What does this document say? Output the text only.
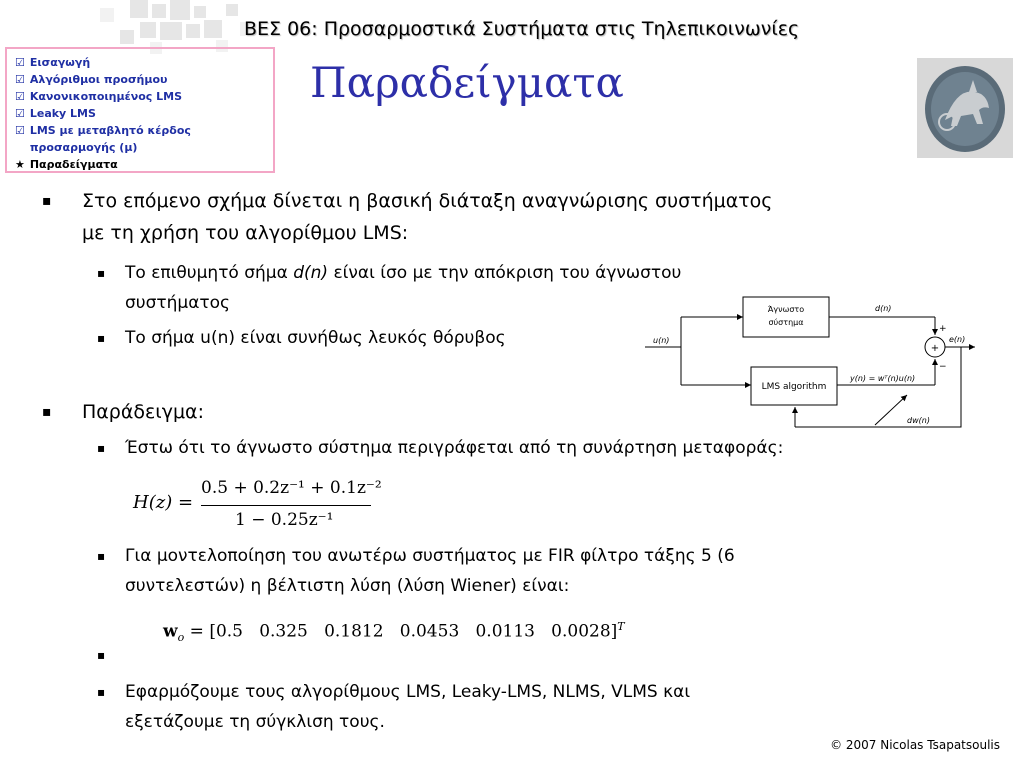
ΒΕΣ 06: Προσαρμοστικά Συστήματα στις Τηλεπικοινωνίες
☑ Εισαγωγή
☑ Αλγόριθμοι προσήμου
☑ Κανονικοποιημένος LMS
☑ Leaky LMS
☑ LMS με μεταβλητό κέρδος
προσαρμογής (μ)
★ Παραδείγματα
Παραδείγματα
▪ Στο επόμενο σχήμα δίνεται η βασική διάταξη αναγνώρισης συστήματος
με τη χρήση του αλγορίθμου LMS:
▪ Το επιθυμητό σήμα d(n) είναι ίσο με την απόκριση του άγνωστου
συστήματος
▪ Το σήμα u(n) είναι συνήθως λευκός θόρυβος
▪ Παράδειγμα:
▪ Έστω ότι το άγνωστο σύστημα περιγράφεται από τη συνάρτηση μεταφοράς:
H(z) =
0.5 + 0.2z⁻¹ + 0.1z⁻²
1 − 0.25z⁻¹
▪ Για μοντελοποίηση του ανωτέρω συστήματος με FIR φίλτρο τάξης 5 (6
συντελεστών) η βέλτιστη λύση (λύση Wiener) είναι:
$w_o = [0.5$   0.325   0.1812   0.0453   0.0113   0.0028]$^T$
▪ Εφαρμόζουμε τους αλγορίθμους LMS, Leaky-LMS, NLMS, VLMS και
εξετάζουμε τη σύγκλιση τους.
Άγνωστο
σύστημα
LMS algorithm
u(n)
d(n)
e(n)
y(n) = wᵀ(n)u(n)
dw(n)
+
−
+
© 2007 Nicolas Tsapatsoulis
